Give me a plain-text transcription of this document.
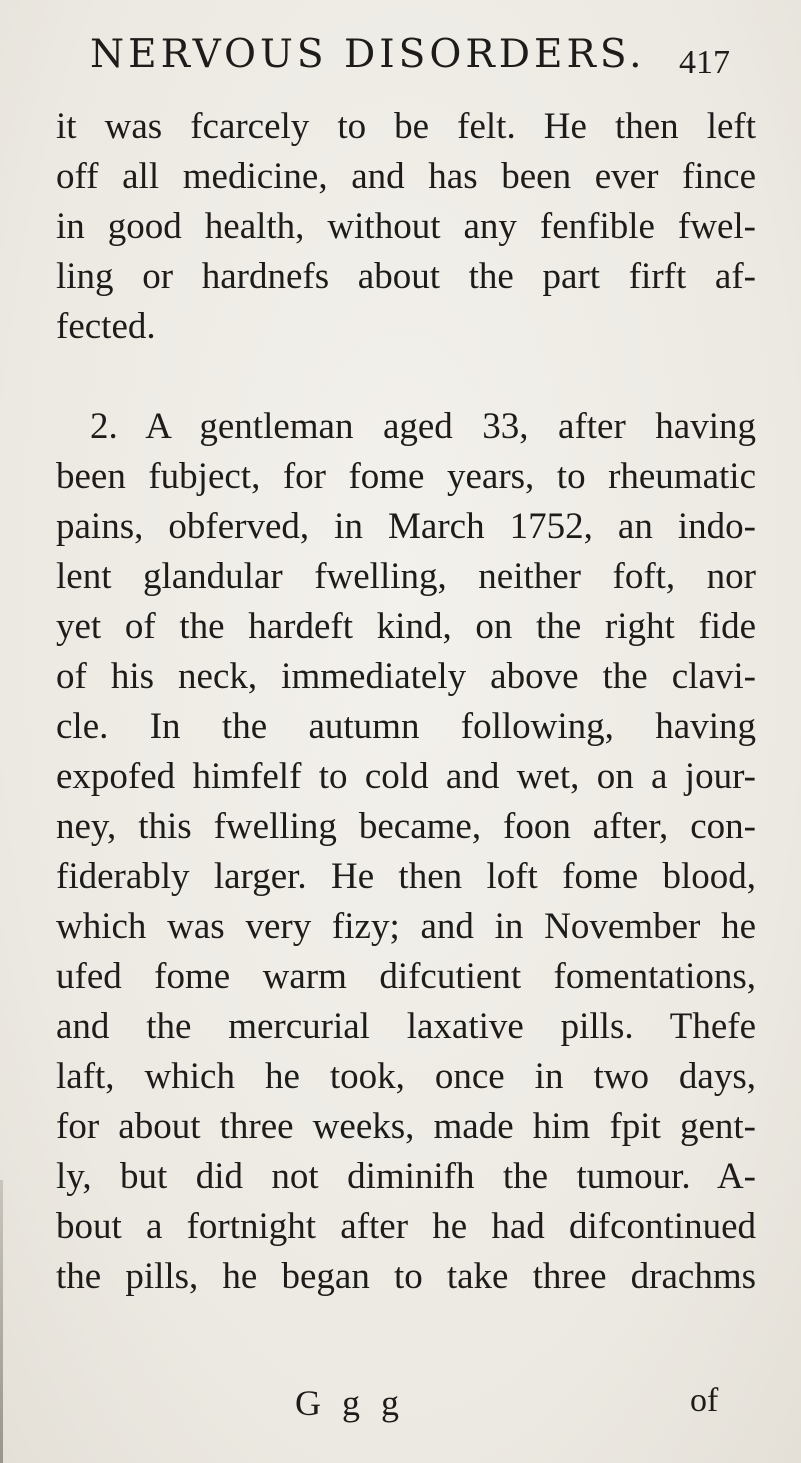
NERVOUS DISORDERS. 417
it was fcarcely to be felt. He then left
off all medicine, and has been ever fince
in good health, without any fenfible fwel-
ling or hardnefs about the part firft af-
fected.
2. A gentleman aged 33, after having
been fubject, for fome years, to rheumatic
pains, obferved, in March 1752, an indo-
lent glandular fwelling, neither foft, nor
yet of the hardeft kind, on the right fide
of his neck, immediately above the clavi-
cle. In the autumn following, having
expofed himfelf to cold and wet, on a jour-
ney, this fwelling became, foon after, con-
fiderably larger. He then loft fome blood,
which was very fizy; and in November he
ufed fome warm difcutient fomentations,
and the mercurial laxative pills. Thefe
laft, which he took, once in two days,
for about three weeks, made him fpit gent-
ly, but did not diminifh the tumour. A-
bout a fortnight after he had difcontinued
the pills, he began to take three drachms
G g g	of
